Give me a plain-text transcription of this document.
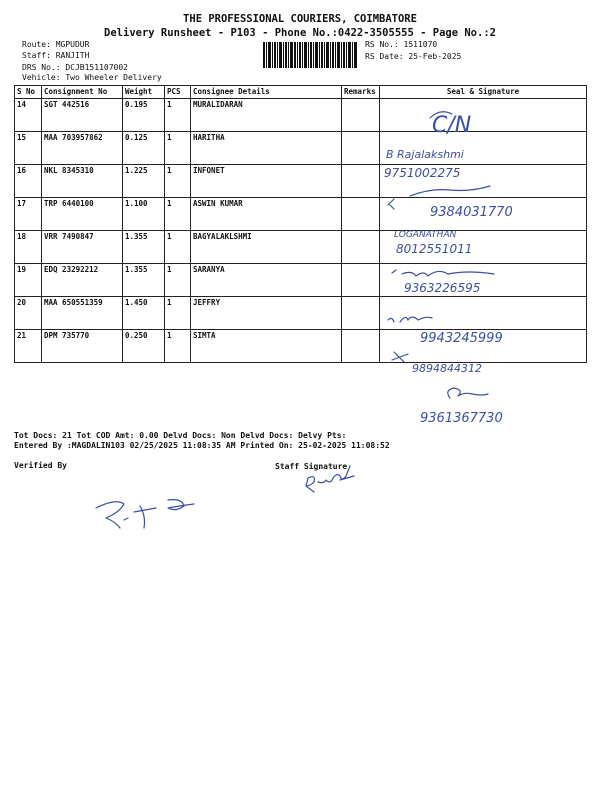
THE PROFESSIONAL COURIERS, COIMBATORE
Delivery Runsheet - P103 - Phone No.:0422-3505555 - Page No.:2
Route: MGPUDUR
Staff: RANJITH
DRS No.: DCJB151107002
Vehicle: Two Wheeler Delivery
RS No.: 1511070
RS Date: 25-Feb-2025
S No	Consignment No	Weight	PCS	Consignee Details	Remarks	Seal & Signature
14	SGT 442516	0.195	1	MURALIDARAN		
15	MAA 703957862	0.125	1	HARITHA		
16	NKL 8345310	1.225	1	INFONET		
17	TRP 6440100	1.100	1	ASWIN KUMAR		
18	VRR 7490847	1.355	1	BAGYALAKLSHMI		
19	EDQ 23292212	1.355	1	SARANYA		
20	MAA 650551359	1.450	1	JEFFRY		
21	DPM 735770	0.250	1	SIMTA		
C/N
B Rajalakshmi
9751002275
9384031770
LOGANATHAN
8012551011
9363226595
9943245999
9894844312
9361367730
Tot Docs: 21 Tot COD Amt: 0.00 Delvd Docs: Non Delvd Docs: Delvy Pts:
Entered By :MAGDALIN103 02/25/2025 11:08:35 AM Printed On: 25-02-2025 11:08:52
Verified By	Staff Signature
